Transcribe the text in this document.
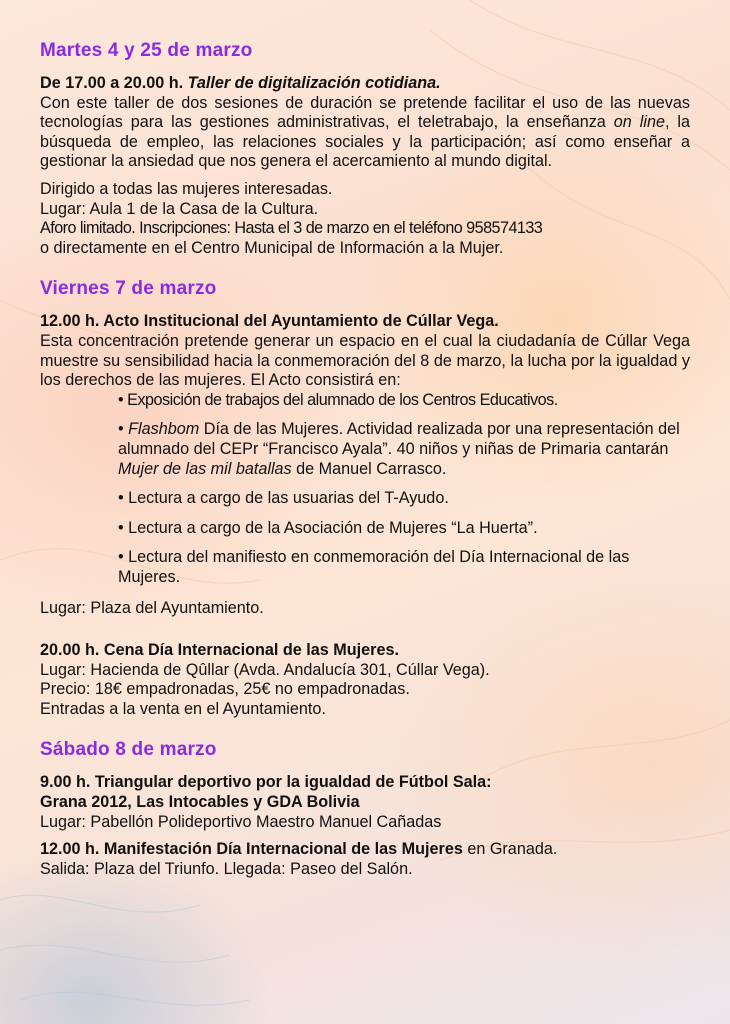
Martes 4 y 25 de marzo
De 17.00 a 20.00 h. Taller de digitalización cotidiana.
Con este taller de dos sesiones de duración se pretende facilitar el uso de las nuevas tecnologías para las gestiones administrativas, el teletrabajo, la enseñanza on line, la búsqueda de empleo, las relaciones sociales y la participación; así como enseñar a gestionar la ansiedad que nos genera el acercamiento al mundo digital.
Dirigido a todas las mujeres interesadas.
Lugar: Aula 1 de la Casa de la Cultura.
Aforo limitado. Inscripciones: Hasta el 3 de marzo en el teléfono 958574133
o directamente en el Centro Municipal de Información a la Mujer.
Viernes 7 de marzo
12.00 h. Acto Institucional del Ayuntamiento de Cúllar Vega.
Esta concentración pretende generar un espacio en el cual la ciudadanía de Cúllar Vega muestre su sensibilidad hacia la conmemoración del 8 de marzo, la lucha por la igualdad y los derechos de las mujeres. El Acto consistirá en:
• Exposición de trabajos del alumnado de los Centros Educativos.
• Flashbom Día de las Mujeres. Actividad realizada por una representación del alumnado del CEPr “Francisco Ayala”. 40 niños y niñas de Primaria cantarán Mujer de las mil batallas de Manuel Carrasco.
• Lectura a cargo de las usuarias del T-Ayudo.
• Lectura a cargo de la Asociación de Mujeres “La Huerta”.
• Lectura del manifiesto en conmemoración del Día Internacional de las Mujeres.
Lugar: Plaza del Ayuntamiento.
20.00 h. Cena Día Internacional de las Mujeres.
Lugar: Hacienda de Qûllar (Avda. Andalucía 301, Cúllar Vega).
Precio: 18€ empadronadas, 25€ no empadronadas.
Entradas a la venta en el Ayuntamiento.
Sábado 8 de marzo
9.00 h. Triangular deportivo por la igualdad de Fútbol Sala:
Grana 2012, Las Intocables y GDA Bolivia
Lugar: Pabellón Polideportivo Maestro Manuel Cañadas
12.00 h. Manifestación Día Internacional de las Mujeres en Granada.
Salida: Plaza del Triunfo. Llegada: Paseo del Salón.
